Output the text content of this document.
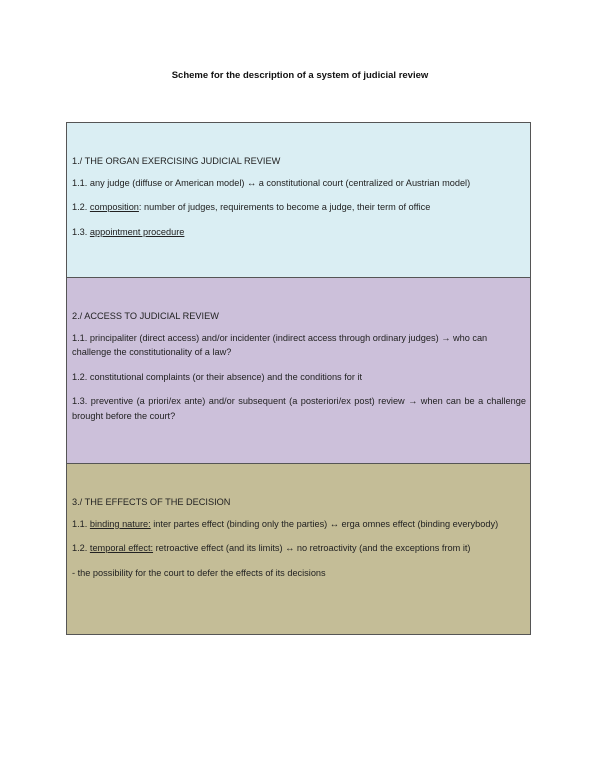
Scheme for the description of a system of judicial review
1./ THE ORGAN EXERCISING JUDICIAL REVIEW

1.1. any judge (diffuse or American model) ↔ a constitutional court (centralized or Austrian model)

1.2. composition: number of judges, requirements to become a judge, their term of office

1.3. appointment procedure

2./ ACCESS TO JUDICIAL REVIEW

1.1. principaliter (direct access) and/or incidenter (indirect access through ordinary judges) → who can challenge the constitutionality of a law?

1.2. constitutional complaints (or their absence) and the conditions for it

1.3. preventive (a priori/ex ante) and/or subsequent (a posteriori/ex post) review → when can be a challenge brought before the court?

3./ THE EFFECTS OF THE DECISION

1.1. binding nature: inter partes effect (binding only the parties) ↔ erga omnes effect (binding everybody)

1.2. temporal effect: retroactive effect (and its limits) ↔ no retroactivity (and the exceptions from it)

- the possibility for the court to defer the effects of its decisions
